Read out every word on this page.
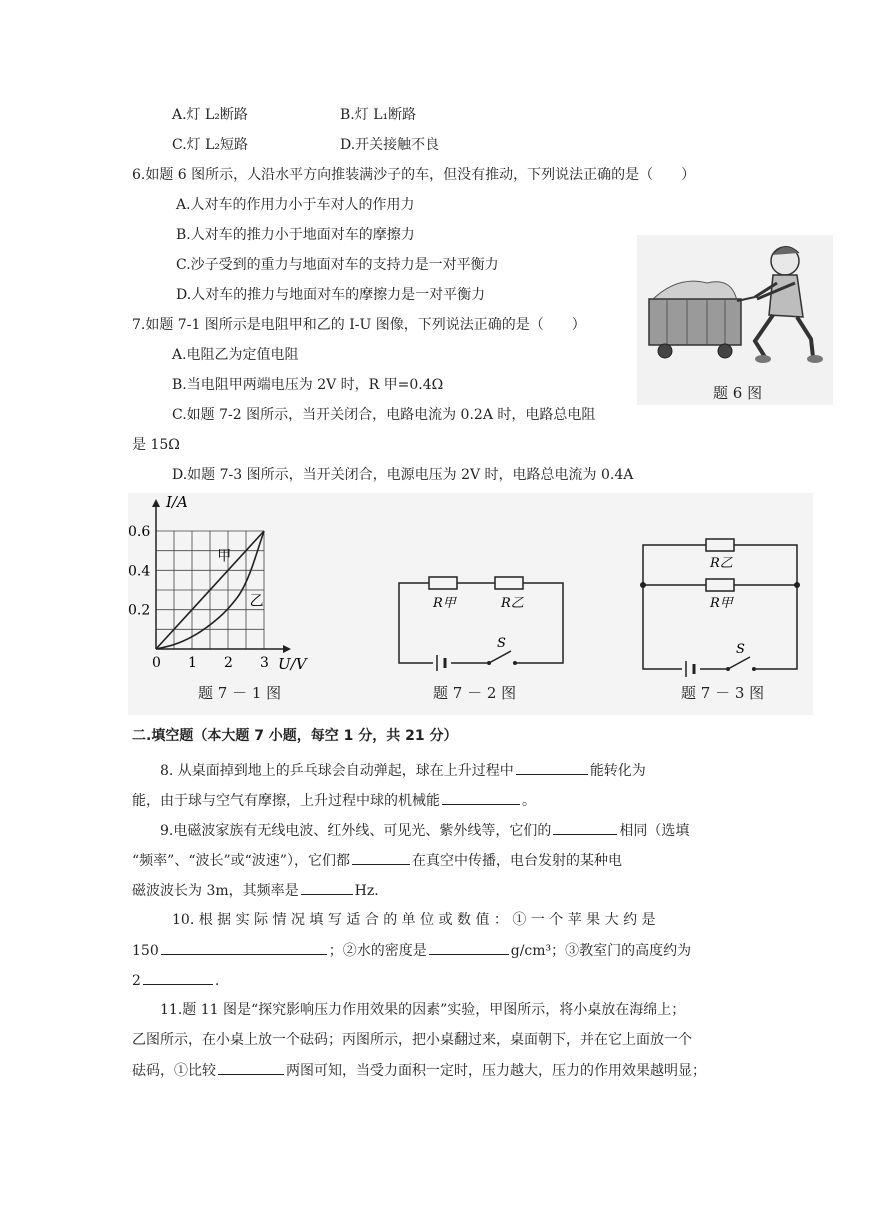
A.灯 L₂断路	B.灯 L₁断路
C.灯 L₂短路	D.开关接触不良
6.如题 6 图所示，人沿水平方向推装满沙子的车，但没有推动，下列说法正确的是（　　）
A.人对车的作用力小于车对人的作用力
B.人对车的推力小于地面对车的摩擦力
C.沙子受到的重力与地面对车的支持力是一对平衡力
D.人对车的推力与地面对车的摩擦力是一对平衡力
题 6 图
7.如题 7-1 图所示是电阻甲和乙的 I-U 图像，下列说法正确的是（　　）
A.电阻乙为定值电阻
B.当电阻甲两端电压为 2V 时，R 甲=0.4Ω
C.如题 7-2 图所示，当开关闭合，电路电流为 0.2A 时，电路总电阻
是 15Ω
D.如题 7-3 图所示，当开关闭合，电源电压为 2V 时，电路总电流为 0.4A
I/A
U/V
0 1 2 3
0.2
0.4
0.6
甲
乙
题 7 － 1 图
R甲	R乙
S
题 7 － 2 图
R乙
R甲
S
题 7 － 3 图
二.填空题（本大题 7 小题，每空 1 分，共 21 分）
8. 从桌面掉到地上的乒乓球会自动弹起，球在上升过程中	能转化为
能，由于球与空气有摩擦，上升过程中球的机械能	。
9.电磁波家族有无线电波、红外线、可见光、紫外线等，它们的	相同（选填
“频率”、“波长”或“波速”），它们都	在真空中传播，电台发射的某种电
磁波波长为 3m，其频率是	Hz.
10. 根 据 实 际 情 况 填 写 适 合 的 单 位 或 数 值 ： ① 一 个 苹 果 大 约 是
150	；②水的密度是	g/cm³；③教室门的高度约为
2	.
11.题 11 图是“探究影响压力作用效果的因素”实验，甲图所示，将小桌放在海绵上；
乙图所示，在小桌上放一个砝码；丙图所示，把小桌翻过来，桌面朝下，并在它上面放一个
砝码，①比较	两图可知，当受力面积一定时，压力越大，压力的作用效果越明显；
